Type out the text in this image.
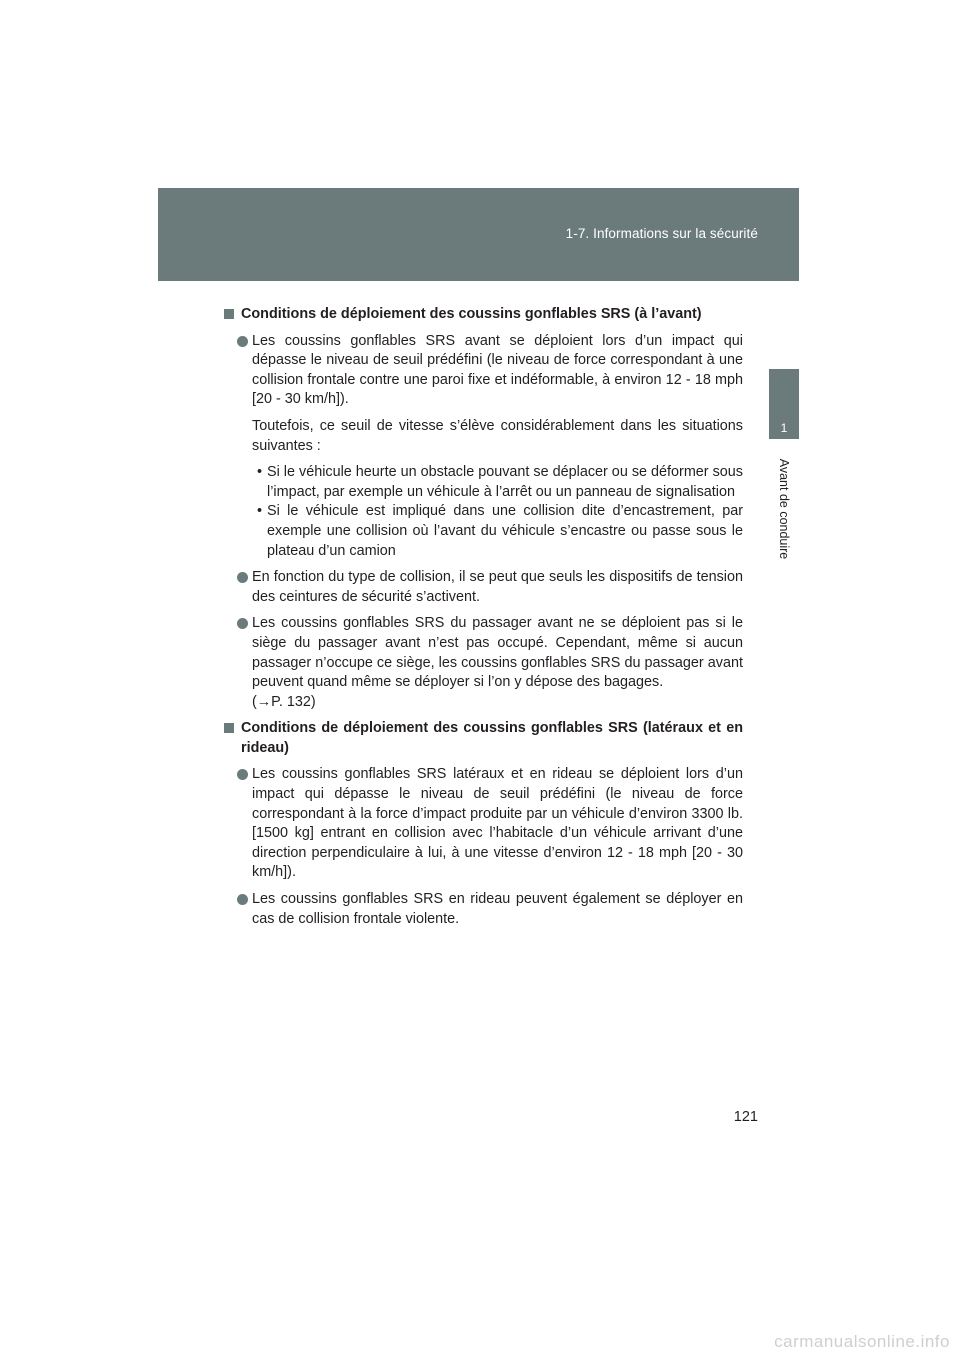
1-7. Informations sur la sécurité
1
Avant de conduire
Conditions de déploiement des coussins gonflables SRS (à l’avant)
Les coussins gonflables SRS avant se déploient lors d’un impact qui dépasse le niveau de seuil prédéfini (le niveau de force correspondant à une collision frontale contre une paroi fixe et indéformable, à environ 12 - 18 mph [20 - 30 km/h]).
Toutefois, ce seuil de vitesse s’élève considérablement dans les situations suivantes :
• Si le véhicule heurte un obstacle pouvant se déplacer ou se déformer sous l’impact, par exemple un véhicule à l’arrêt ou un panneau de signalisation
• Si le véhicule est impliqué dans une collision dite d’encastrement, par exemple une collision où l’avant du véhicule s’encastre ou passe sous le plateau d’un camion
En fonction du type de collision, il se peut que seuls les dispositifs de tension des ceintures de sécurité s’activent.
Les coussins gonflables SRS du passager avant ne se déploient pas si le siège du passager avant n’est pas occupé. Cependant, même si aucun passager n’occupe ce siège, les coussins gonflables SRS du passager avant peuvent quand même se déployer si l’on y dépose des bagages.
(→P. 132)
Conditions de déploiement des coussins gonflables SRS (latéraux et en rideau)
Les coussins gonflables SRS latéraux et en rideau se déploient lors d’un impact qui dépasse le niveau de seuil prédéfini (le niveau de force correspondant à la force d’impact produite par un véhicule d’environ 3300 lb. [1500 kg] entrant en collision avec l’habitacle d’un véhicule arrivant d’une direction perpendiculaire à lui, à une vitesse d’environ 12 - 18 mph [20 - 30 km/h]).
Les coussins gonflables SRS en rideau peuvent également se déployer en cas de collision frontale violente.
121
carmanualsonline.info
